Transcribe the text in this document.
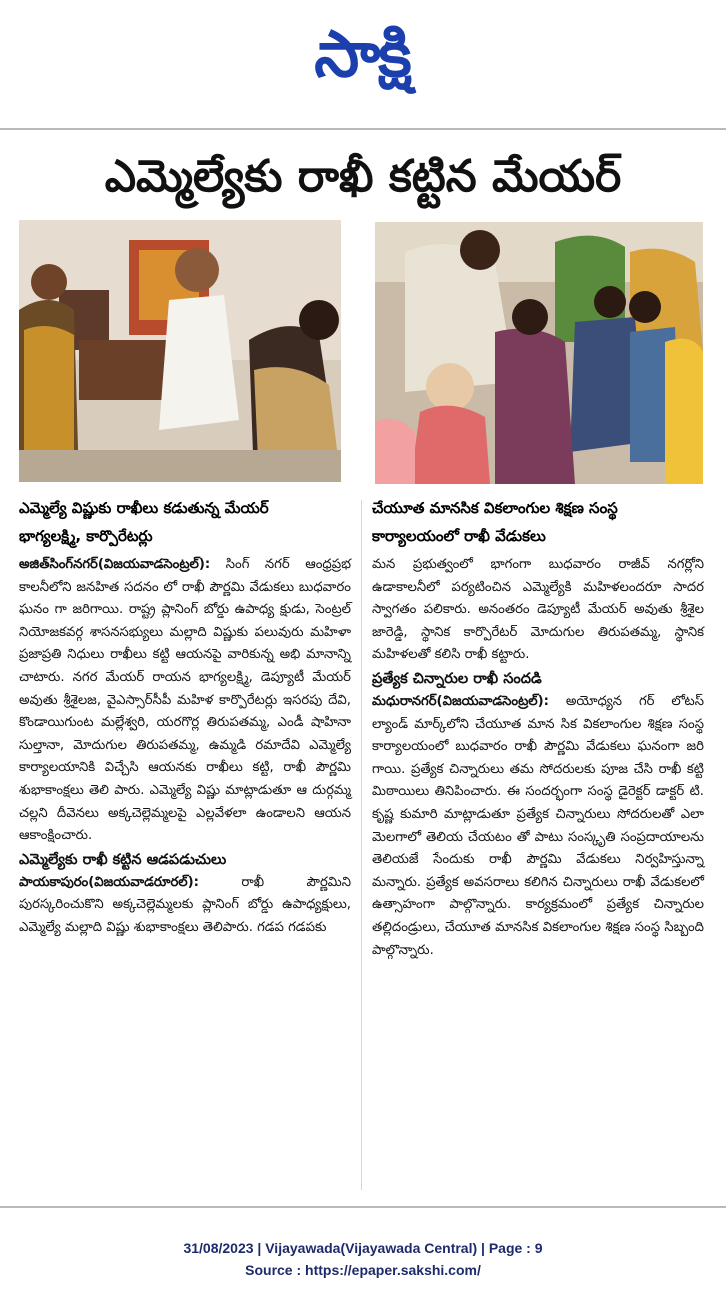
సాక్షి
ఎమ్మెల్యేకు రాఖీ కట్టిన మేయర్
ఎమ్మెల్యే విష్ణుకు రాఖీలు కడుతున్న మేయర్
భాగ్యలక్ష్మి, కార్పొరేటర్లు
చేయూత మానసిక వికలాంగుల శిక్షణ సంస్థ
కార్యాలయంలో రాఖీ వేడుకలు

అజిత్‌సింగ్‌నగర్‌(విజయవాడసెంట్రల్‌): సింగ్‌ నగర్‌ ఆంధ్రప్రభ కాలనీలోని జనహిత సదనం లో రాఖీ పౌర్ణమి వేడుకలు బుధవారం ఘనం గా జరిగాయి. రాష్ట్ర ప్లానింగ్‌ బోర్డు ఉపాధ్య క్షుడు, సెంట్రల్‌ నియోజకవర్గ శాసనసభ్యులు మల్లాది విష్ణుకు పలువురు మహిళా ప్రజాప్రతి నిధులు రాఖీలు కట్టి ఆయనపై వారికున్న అభి మానాన్ని చాటారు. నగర మేయర్‌ రాయన భాగ్యలక్ష్మి, డెప్యూటీ మేయర్‌ అవుతు శ్రీశైలజ, వైఎస్సార్‌సీపీ మహిళ కార్పొరేటర్లు ఇసరపు దేవి, కొండాయిగుంట మల్లేశ్వరి, యరగొర్ల తిరుపతమ్మ, ఎండీ షాహినా సుల్తానా, మోదుగుల తిరుపతమ్మ, ఉమ్మడి రమాదేవి ఎమ్మెల్యే కార్యాలయానికి విచ్చేసి ఆయనకు రాఖీలు కట్టి, రాఖీ పౌర్ణమి శుభాకాంక్షలు తెలి పారు. ఎమ్మెల్యే విష్ణు మాట్లాడుతూ ఆ దుర్గమ్మ చల్లని దీవెనలు అక్కచెల్లెమ్మలపై ఎల్లవేళలా ఉండాలని ఆయన ఆకాంక్షించారు.

ఎమ్మెల్యేకు రాఖీ కట్టిన ఆడపడుచులు

పాయకాపురం(విజయవాడరూరల్‌):	రాఖీ పౌర్ణమిని పురస్కరించుకొని అక్కచెల్లెమ్మలకు ప్లానింగ్‌ బోర్డు ఉపాధ్యక్షులు, ఎమ్మెల్యే మల్లాది విష్ణు శుభాకాంక్షలు తెలిపారు. గడప గడపకు

మన ప్రభుత్వంలో భాగంగా బుధవారం రాజీవ్‌ నగర్లోని ఉడాకాలనీలో పర్యటించిన ఎమ్మెల్యేకి మహిళలందరూ సాదర స్వాగతం పలికారు. అనంతరం డెప్యూటీ మేయర్‌ అవుతు శ్రీశైల జారెడ్డి, స్థానిక కార్పొరేటర్‌ మోదుగుల తిరుపతమ్మ, స్థానిక మహిళలతో కలిసి రాఖీ కట్టారు.

ప్రత్యేక చిన్నారుల రాఖీ సందడి

మధురానగర్‌(విజయవాడసెంట్రల్‌): అయోధ్యన గర్‌ లోటస్‌ ల్యాండ్‌ మార్క్‌లోని చేయూత మాన సిక వికలాంగుల శిక్షణ సంస్థ కార్యాలయంలో బుధవారం రాఖీ పౌర్ణమి వేడుకలు ఘనంగా జరి గాయి. ప్రత్యేక చిన్నారులు తమ సోదరులకు పూజ చేసి రాఖీ కట్టి మిఠాయిలు తినిపించారు. ఈ సందర్భంగా సంస్థ డైరెక్టర్‌ డాక్టర్‌ టి. కృష్ణ కుమారి మాట్లాడుతూ ప్రత్యేక చిన్నారులు సోదరులతో ఎలా మెలగాలో తెలియ చేయటం తో పాటు సంస్కృతి సంప్రదాయాలను తెలియజే సేందుకు రాఖీ పౌర్ణమి వేడుకలు నిర్వహిస్తున్నా మన్నారు. ప్రత్యేక అవసరాలు కలిగిన చిన్నారులు రాఖీ వేడుకలలో ఉత్సాహంగా పాల్గొన్నారు. కార్యక్రమంలో ప్రత్యేక చిన్నారుల తల్లిదండ్రులు, చేయూత మానసిక వికలాంగుల శిక్షణ సంస్థ సిబ్బంది పాల్గొన్నారు.

31/08/2023 | Vijayawada(Vijayawada Central) | Page : 9
Source : https://epaper.sakshi.com/
